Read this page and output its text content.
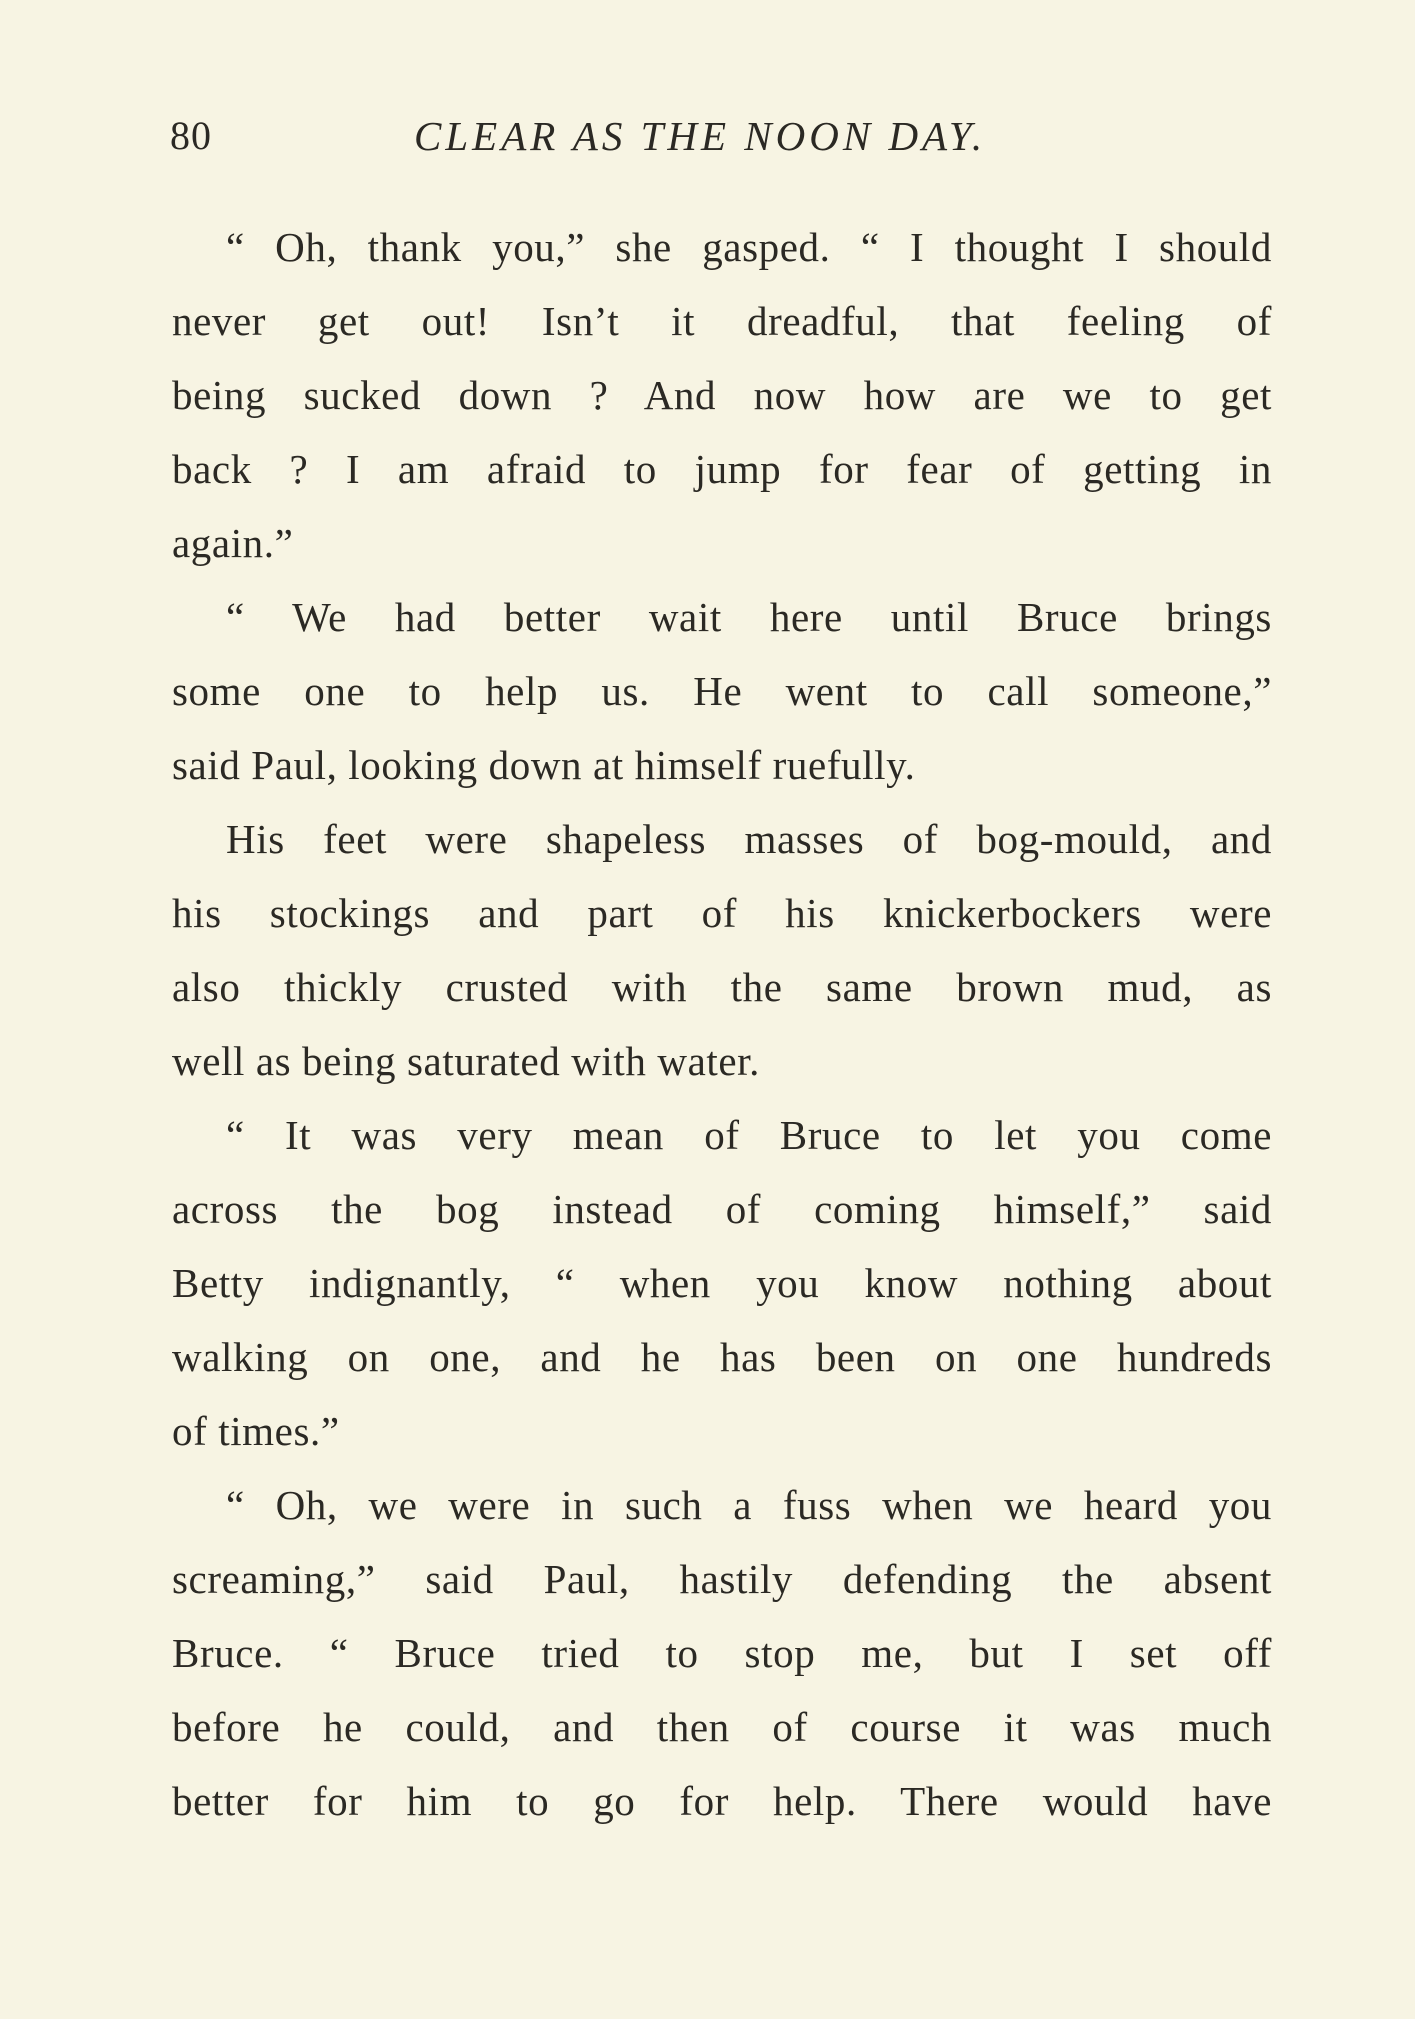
80	CLEAR AS THE NOON DAY.
“ Oh, thank you,” she gasped. “ I thought I should
never get out! Isn’t it dreadful, that feeling of
being sucked down ? And now how are we to get
back ? I am afraid to jump for fear of getting in
again.”
“ We had better wait here until Bruce brings
some one to help us. He went to call someone,”
said Paul, looking down at himself ruefully.
His feet were shapeless masses of bog-mould, and
his stockings and part of his knickerbockers were
also thickly crusted with the same brown mud, as
well as being saturated with water.
“ It was very mean of Bruce to let you come
across the bog instead of coming himself,” said
Betty indignantly, “ when you know nothing about
walking on one, and he has been on one hundreds
of times.”
“ Oh, we were in such a fuss when we heard you
screaming,” said Paul, hastily defending the absent
Bruce. “ Bruce tried to stop me, but I set off
before he could, and then of course it was much
better for him to go for help. There would have
